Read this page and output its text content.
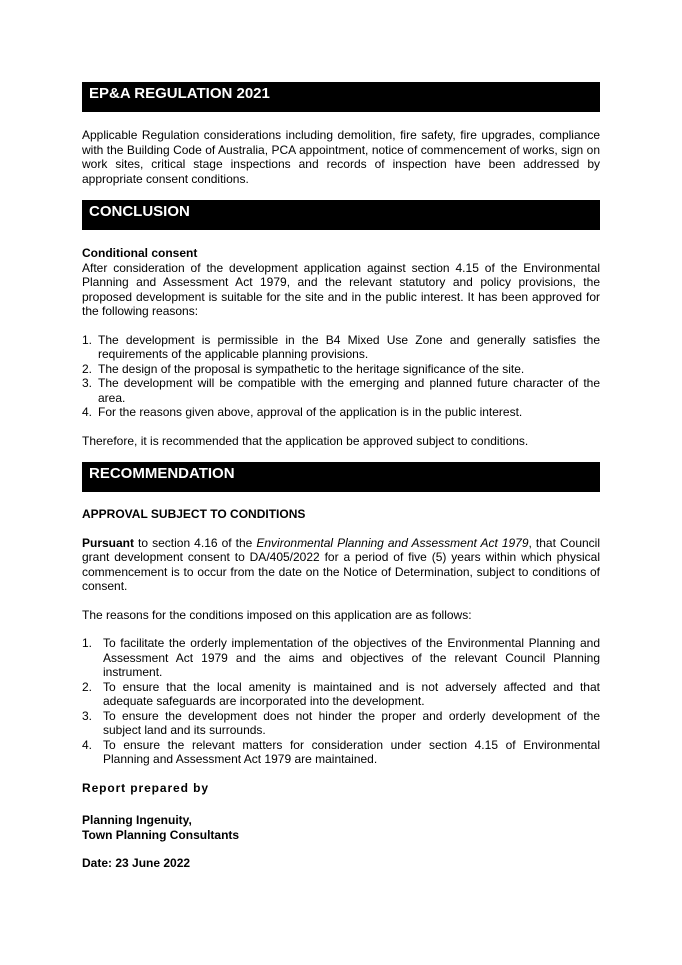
EP&A REGULATION 2021

Applicable Regulation considerations including demolition, fire safety, fire upgrades, compliance with the Building Code of Australia, PCA appointment, notice of commencement of works, sign on work sites, critical stage inspections and records of inspection have been addressed by appropriate consent conditions.

CONCLUSION
Conditional consent

After consideration of the development application against section 4.15 of the Environmental Planning and Assessment Act 1979, and the relevant statutory and policy provisions, the proposed development is suitable for the site and in the public interest. It has been approved for the following reasons:

1. The development is permissible in the B4 Mixed Use Zone and generally satisfies the requirements of the applicable planning provisions.
2. The design of the proposal is sympathetic to the heritage significance of the site.
3. The development will be compatible with the emerging and planned future character of the area.
4. For the reasons given above, approval of the application is in the public interest.

Therefore, it is recommended that the application be approved subject to conditions.

RECOMMENDATION
APPROVAL SUBJECT TO CONDITIONS

Pursuant to section 4.16 of the Environmental Planning and Assessment Act 1979, that Council grant development consent to DA/405/2022 for a period of five (5) years within which physical commencement is to occur from the date on the Notice of Determination, subject to conditions of consent.

The reasons for the conditions imposed on this application are as follows:

1. To facilitate the orderly implementation of the objectives of the Environmental Planning and Assessment Act 1979 and the aims and objectives of the relevant Council Planning instrument.
2. To ensure that the local amenity is maintained and is not adversely affected and that adequate safeguards are incorporated into the development.
3. To ensure the development does not hinder the proper and orderly development of the subject land and its surrounds.
4. To ensure the relevant matters for consideration under section 4.15 of Environmental Planning and Assessment Act 1979 are maintained.
Report prepared by
Planning Ingenuity,
Town Planning Consultants
Date: 23 June 2022
